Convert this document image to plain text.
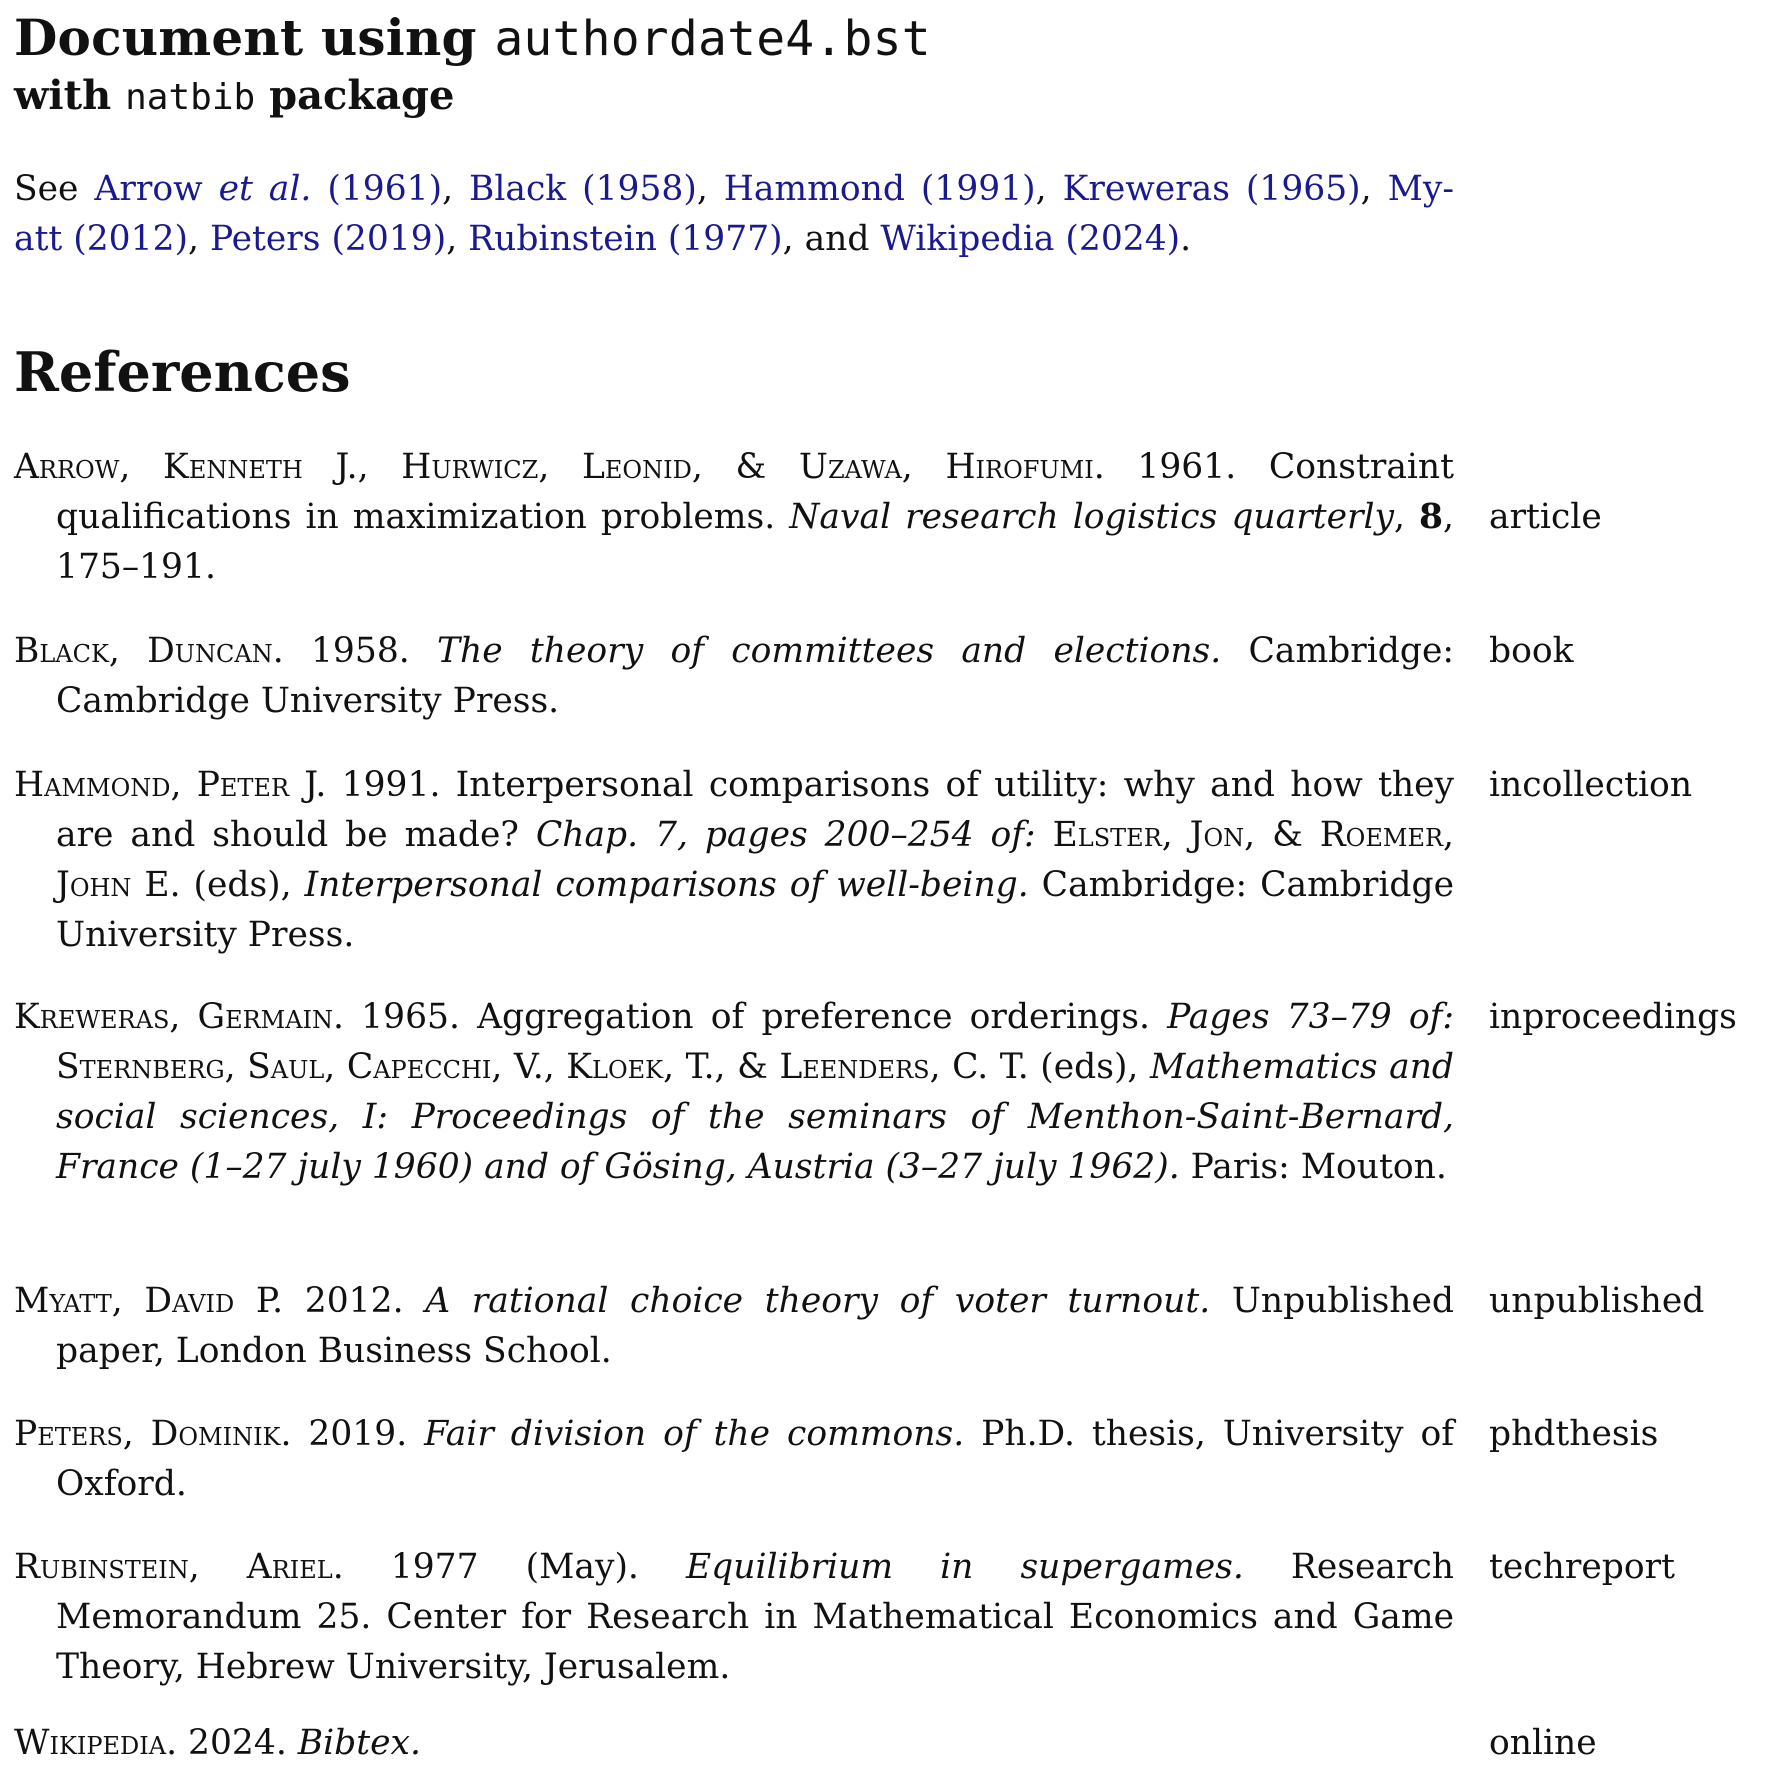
Document using authordate4.bst
with natbib package

See Arrow et al. (1961), Black (1958), Hammond (1991), Kreweras (1965), My- att (2012), Peters (2019), Rubinstein (1977), and Wikipedia (2024).

References
Arrow, Kenneth J., Hurwicz, Leonid, & Uzawa, Hirofumi. 1961. Constraint qualifications in maximization problems. Naval research logistics quarterly, 8, 175–191.
article
Black, Duncan. 1958. The theory of committees and elections. Cambridge: Cambridge University Press.
book
Hammond, Peter J. 1991. Interpersonal comparisons of utility: why and how they are and should be made? Chap. 7, pages 200–254 of: Elster, Jon, & Roemer, John E. (eds), Interpersonal comparisons of well-being. Cambridge: Cambridge University Press.
incollection
Kreweras, Germain. 1965. Aggregation of preference orderings. Pages 73–79 of: Sternberg, Saul, Capecchi, V., Kloek, T., & Leenders, C. T. (eds), Mathematics and social sciences, I: Proceedings of the seminars of Menthon-Saint-Bernard, France (1–27 july 1960) and of Gösing, Austria (3–27 july 1962). Paris: Mouton.
inproceedings
Myatt, David P. 2012. A rational choice theory of voter turnout. Unpublished paper, London Business School.
unpublished
Peters, Dominik. 2019. Fair division of the commons. Ph.D. thesis, University of Oxford.
phdthesis
Rubinstein, Ariel. 1977 (May). Equilibrium in supergames. Research Memorandum 25. Center for Research in Mathematical Economics and Game Theory, Hebrew University, Jerusalem.
techreport
Wikipedia. 2024. Bibtex.	online
